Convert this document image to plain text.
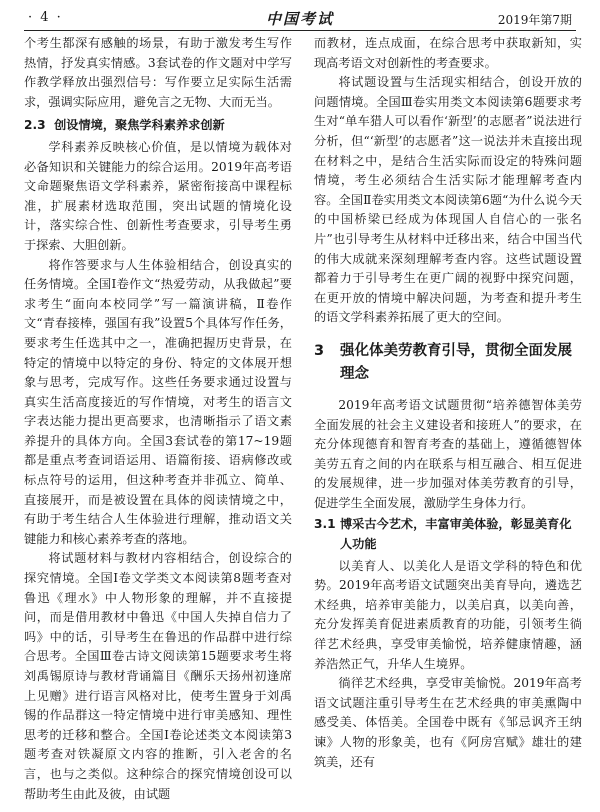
· 4 ·	中国考试	2019年第7期

个考生都深有感触的场景，有助于激发考生写作热情，抒发真实情感。3套试卷的作文题对中学写作教学释放出强烈信号：写作要立足实际生活需求，强调实际应用，避免言之无物、大而无当。

2.3 创设情境，聚焦学科素养求创新

学科素养反映核心价值，是以情境为载体对必备知识和关键能力的综合运用。2019年高考语文命题聚焦语文学科素养，紧密衔接高中课程标准，扩展素材选取范围，突出试题的情境化设计，落实综合性、创新性考查要求，引导考生勇于探索、大胆创新。

将作答要求与人生体验相结合，创设真实的任务情境。全国Ⅰ卷作文“热爱劳动，从我做起”要求考生“面向本校同学”写一篇演讲稿，Ⅱ卷作文“青春接棒，强国有我”设置5个具体写作任务，要求考生任选其中之一，准确把握历史背景，在特定的情境中以特定的身份、特定的文体展开想象与思考，完成写作。这些任务要求通过设置与真实生活高度接近的写作情境，对考生的语言文字表达能力提出更高要求，也清晰指示了语文素养提升的具体方向。全国3套试卷的第17~19题都是重点考查词语运用、语篇衔接、语病修改或标点符号的运用，但这种考查并非孤立、简单、直接展开，而是被设置在具体的阅读情境之中，有助于考生结合人生体验进行理解，推动语文关键能力和核心素养考查的落地。

将试题材料与教材内容相结合，创设综合的探究情境。全国Ⅰ卷文学类文本阅读第8题考查对鲁迅《理水》中人物形象的理解，并不直接提问，而是借用教材中鲁迅《中国人失掉自信力了吗》中的话，引导考生在鲁迅的作品群中进行综合思考。全国Ⅲ卷古诗文阅读第15题要求考生将刘禹锡原诗与教材背诵篇目《酬乐天扬州初逢席上见赠》进行语言风格对比，使考生置身于刘禹锡的作品群这一特定情境中进行审美感知、理性思考的迁移和整合。全国Ⅰ卷论述类文本阅读第3题考查对铁凝原文内容的推断，引入老舍的名言，也与之类似。这种综合的探究情境创设可以帮助考生由此及彼，由试题

而教材，连点成面，在综合思考中获取新知，实现高考语文对创新性的考查要求。

将试题设置与生活现实相结合，创设开放的问题情境。全国Ⅲ卷实用类文本阅读第6题要求考生对“单车猎人可以看作‘新型’的志愿者”说法进行分析，但“‘新型’的志愿者”这一说法并未直接出现在材料之中，是结合生活实际而设定的特殊问题情境，考生必须结合生活实际才能理解考查内容。全国Ⅱ卷实用类文本阅读第6题“为什么说今天的中国桥梁已经成为体现国人自信心的一张名片”也引导考生从材料中迁移出来，结合中国当代的伟大成就来深刻理解考查内容。这些试题设置都着力于引导考生在更广阔的视野中探究问题，在更开放的情境中解决问题，为考查和提升考生的语文学科素养拓展了更大的空间。

3	强化体美劳教育引导，贯彻全面发展理念

2019年高考语文试题贯彻“培养德智体美劳全面发展的社会主义建设者和接班人”的要求，在充分体现德育和智育考查的基础上，遵循德智体美劳五育之间的内在联系与相互融合、相互促进的发展规律，进一步加强对体美劳教育的引导，促进学生全面发展，激励学生身体力行。

3.1 博采古今艺术，丰富审美体验，彰显美育化人功能

以美育人、以美化人是语文学科的特色和优势。2019年高考语文试题突出美育导向，遴选艺术经典，培养审美能力，以美启真，以美向善，充分发挥美育促进素质教育的功能，引领考生徜徉艺术经典，享受审美愉悦，培养健康情趣，涵养浩然正气，升华人生境界。

徜徉艺术经典，享受审美愉悦。2019年高考语文试题注重引导考生在艺术经典的审美熏陶中感受美、体悟美。全国卷中既有《邹忌讽齐王纳谏》人物的形象美，也有《阿房宫赋》雄壮的建筑美，还有
